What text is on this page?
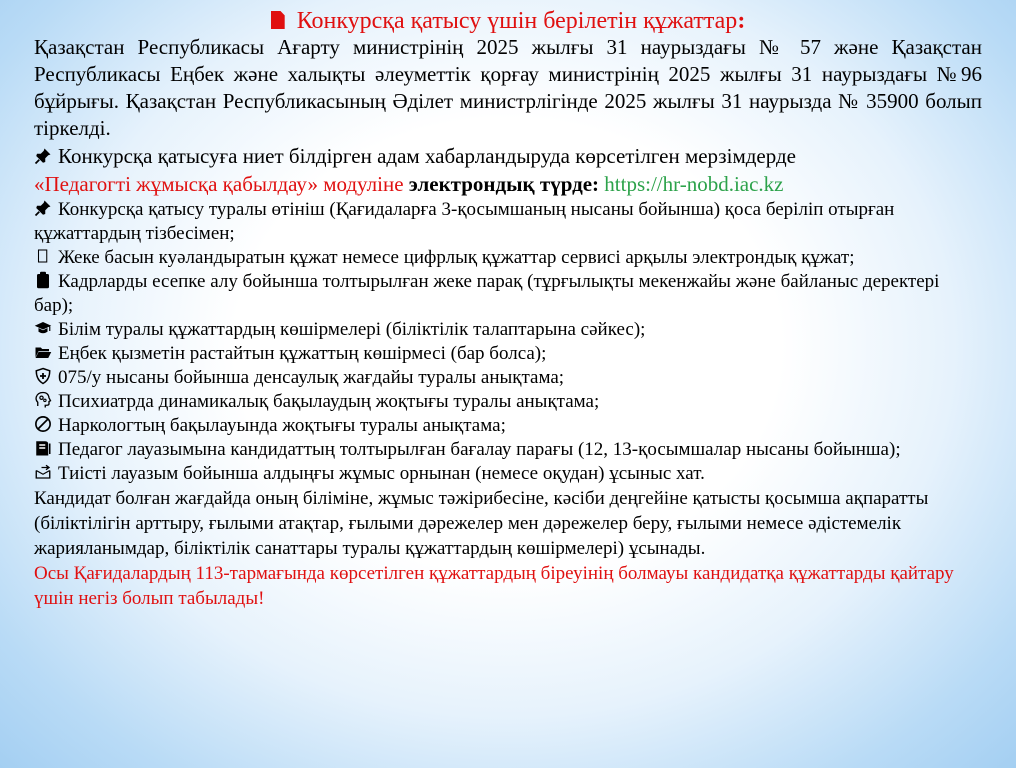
Конкурсқа қатысу үшін берілетін құжаттар:

Қазақстан Республикасы Ағарту министрінің 2025 жылғы 31 наурыздағы № 57 және Қазақстан Республикасы Еңбек және халықты әлеуметтік қорғау министрінің 2025 жылғы 31 наурыздағы №96 бұйрығы. Қазақстан Республикасының Әділет министрлігінде 2025 жылғы 31 наурызда № 35900 болып тіркелді.

Конкурсқа қатысуға ниет білдірген адам хабарландыруда көрсетілген мерзімдерде
«Педагогті жұмысқа қабылдау» модуліне электрондық түрде: https://hr-nobd.iac.kz

Конкурсқа қатысу туралы өтініш (Қағидаларға 3-қосымшаның нысаны бойынша) қоса беріліп отырған құжаттардың тізбесімен;

Жеке басын куәландыратын құжат немесе цифрлық құжаттар сервисі арқылы электрондық құжат;

Кадрларды есепке алу бойынша толтырылған жеке парақ (тұрғылықты мекенжайы және байланыс деректері бар);

Білім туралы құжаттардың көшірмелері (біліктілік талаптарына сәйкес);

Еңбек қызметін растайтын құжаттың көшірмесі (бар болса);

075/у нысаны бойынша денсаулық жағдайы туралы анықтама;

Психиатрда динамикалық бақылаудың жоқтығы туралы анықтама;

Наркологтың бақылауында жоқтығы туралы анықтама;

Педагог лауазымына кандидаттың толтырылған бағалау парағы (12, 13-қосымшалар нысаны бойынша);

Тиісті лауазым бойынша алдыңғы жұмыс орнынан (немесе оқудан) ұсыныс хат.

Кандидат болған жағдайда оның біліміне, жұмыс тәжірибесіне, кәсіби деңгейіне қатысты қосымша ақпаратты (біліктілігін арттыру, ғылыми атақтар, ғылыми дәрежелер мен дәрежелер беру, ғылыми немесе әдістемелік жарияланымдар, біліктілік санаттары туралы құжаттардың көшірмелері) ұсынады.

Осы Қағидалардың 113-тармағында көрсетілген құжаттардың біреуінің болмауы кандидатқа құжаттарды қайтару үшін негіз болып табылады!
